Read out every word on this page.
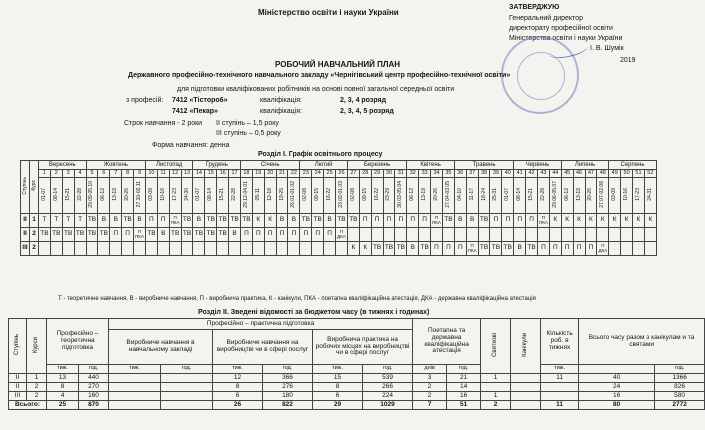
Міністерство освіти і науки України
ЗАТВЕРДЖУЮ
Генеральний директор
директорату професійної освіти
Міністерства освіти і науки України
І. В. Шумік
2019
РОБОЧИЙ НАВЧАЛЬНИЙ ПЛАН
Державного професійно-технічного навчального закладу «Чернігівський центр професійно-технічної освіти»
для підготовки кваліфікованих робітників на основі повної загальної середньої освіти
з професій: 7412 «Тісторо6»	кваліфікація:	2, 3, 4 розряд
7412 «Пекар»	кваліфікація:	2, 3, 4, 5 розряд
Строк навчання - 2 роки II ступінь – 1,5 року
III ступінь – 0,5 року
Форма навчання: денна
Розділ І. Графік освітнього процесу
Ступінь	Курс	Вересень				Жовтень					Листопад				Грудень				Січень					Лютий				Березень					Квітень				Травень					Червень				Липень				Серпень			
		1	2	3	4	5	6	7	8	9	10	11	12	13	14	15	16	17	18	19	20	21	22	23	24	25	26	27	28	29	30	31	32	33	34	35	36	37	38	39	40	41	42	43	44	45	46	47	48	49	50	51	52
		01-07	08-14	15-21	22-28	29.09-05.10	06-12	13-19	20-26	27.10-02.11	03-09	10-16	17-23	24-30	01-07	08-14	15-21	22-28	29.12-04.01	05-11	12-18	19-25	26.01-01.02	02-08	09-15	16-22	23.02-01.03	02-08	09-15	16-22	23-29	30.03-05.04	06-12	13-19	20-26	27.04-03.05	04-10	11-17	18-24	25-31	01-07	08-14	15-21	22-28	29.06-05.07	06-12	13-19	20-26	27.07-02.08	03-09	10-16	17-23	24-31
II	1	Т	Т	Т	Т	ТВ	В	В	ТВ	В	П	П	П ПКА	ТВ	В	ТВ	ТВ	ТВ	ТВ	К	К	В	В	ТВ	ТВ	В	ТВ	ТВ	П	П	П	П	П	П	П ПКА	ТВ	В	В	ТВ	П	П	П	П	П ПКА	К	К	К	К	К	К	К	К	К
II	2	ТВ	ТВ	ТВ	ТВ	ТВ	ТВ	П	П	П ПКА	ТВ	В	ТВ	ТВ	ТВ	ТВ	ТВ	В	П	П	П	П	П	П	П	П	П ДКА																										
III	2																											К	К	ТВ	ТВ	ТВ	В	ТВ	П	П	П	П ПКА	ТВ	ТВ	ТВ	В	ТВ	П	П	П	П	П	П ДКА				
Т - теоретичне навчання, В - виробниче навчання, П - виробнича практика, К - канікули, ПКА - поетапна кваліфікаційна атестація, ДКА - державна кваліфікаційна атестація
Розділ ІІ. Зведені відомості за бюджетом часу (в тижнях і годинах)
Ступінь	Курси	Професійно – теоретична підготовка		Професійно – практична підготовка						Поетапна та державна кваліфікаційна атестація		Святкові	Канікули	Кількість роб. в тижнях	Всього часу разом з канікулам и та святами	
				Виробниче навчання в навчальному закладі		Виробниче навчання на виробництві чи в сфері послуг		Виробнича практика на робочих місцях на виробництві чи в сфері послуг								
		тиж.	год.	тиж.	год.	тиж.	год.	тиж.	год.	днів	год.			тиж.		год.
II	1	13	440			12	366	15	539	3	21	1		11	40	1366
II	2	8	270			8	276	8	266	2	14				24	826
III	2	4	160			6	180	6	224	2	16	1			16	580
Всього:		25	870			26	822	29	1029	7	51	2		11	80	2772
